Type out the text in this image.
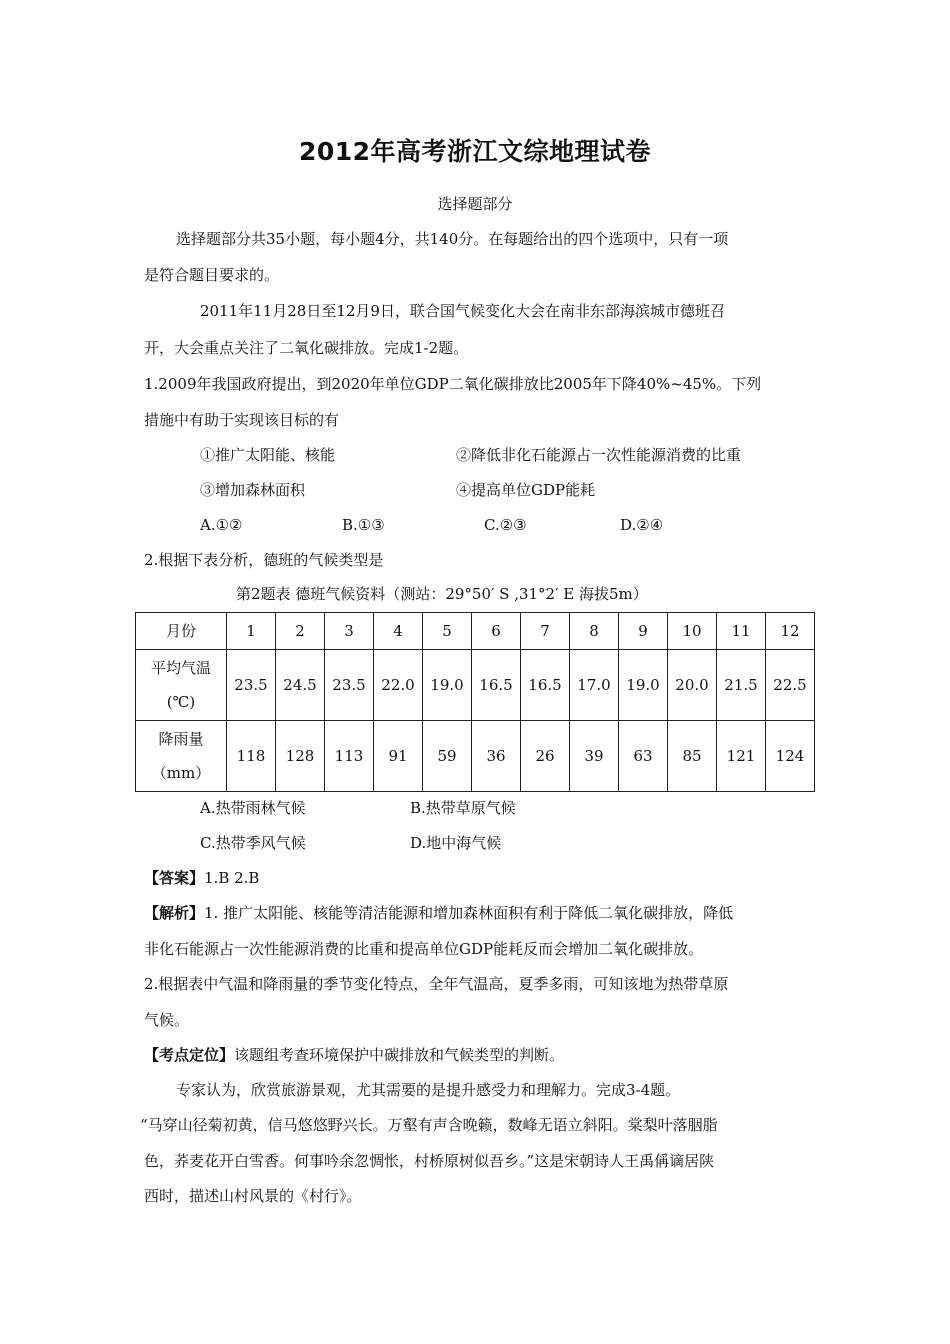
2012年高考浙江文综地理试卷
选择题部分
选择题部分共35小题，每小题4分，共140分。在每题给出的四个选项中，只有一项
是符合题目要求的。
2011年11月28日至12月9日，联合国气候变化大会在南非东部海滨城市德班召
开，大会重点关注了二氧化碳排放。完成1-2题。
1.2009年我国政府提出，到2020年单位GDP二氧化碳排放比2005年下降40%~45%。下列
措施中有助于实现该目标的有
①推广太阳能、核能	②降低非化石能源占一次性能源消费的比重
③增加森林面积	④提高单位GDP能耗
A.①②	B.①③	C.②③	D.②④
2.根据下表分析，德班的气候类型是
第2题表 德班气候资料（测站：29°50′ S ,31°2′ E 海拔5m）
月份	1	2	3	4	5	6	7	8	9	10	11	12

平均气温
(℃)	23.5	24.5	23.5	22.0	19.0	16.5	16.5	17.0	19.0	20.0	21.5	22.5

降雨量
（mm）	118	128	113	91	59	36	26	39	63	85	121	124
A.热带雨林气候	B.热带草原气候
C.热带季风气候	D.地中海气候
【答案】1.B 2.B
【解析】1. 推广太阳能、核能等清洁能源和增加森林面积有利于降低二氧化碳排放，降低
非化石能源占一次性能源消费的比重和提高单位GDP能耗反而会增加二氧化碳排放。
2.根据表中气温和降雨量的季节变化特点，全年气温高，夏季多雨，可知该地为热带草原
气候。
【考点定位】该题组考查环境保护中碳排放和气候类型的判断。
专家认为，欣赏旅游景观，尤其需要的是提升感受力和理解力。完成3-4题。
“马穿山径菊初黄，信马悠悠野兴长。万壑有声含晚籁，数峰无语立斜阳。棠梨叶落胭脂
色，荞麦花开白雪香。何事吟余忽惆怅，村桥原树似吾乡。”这是宋朝诗人王禹偁谪居陕
西时，描述山村风景的《村行》。
